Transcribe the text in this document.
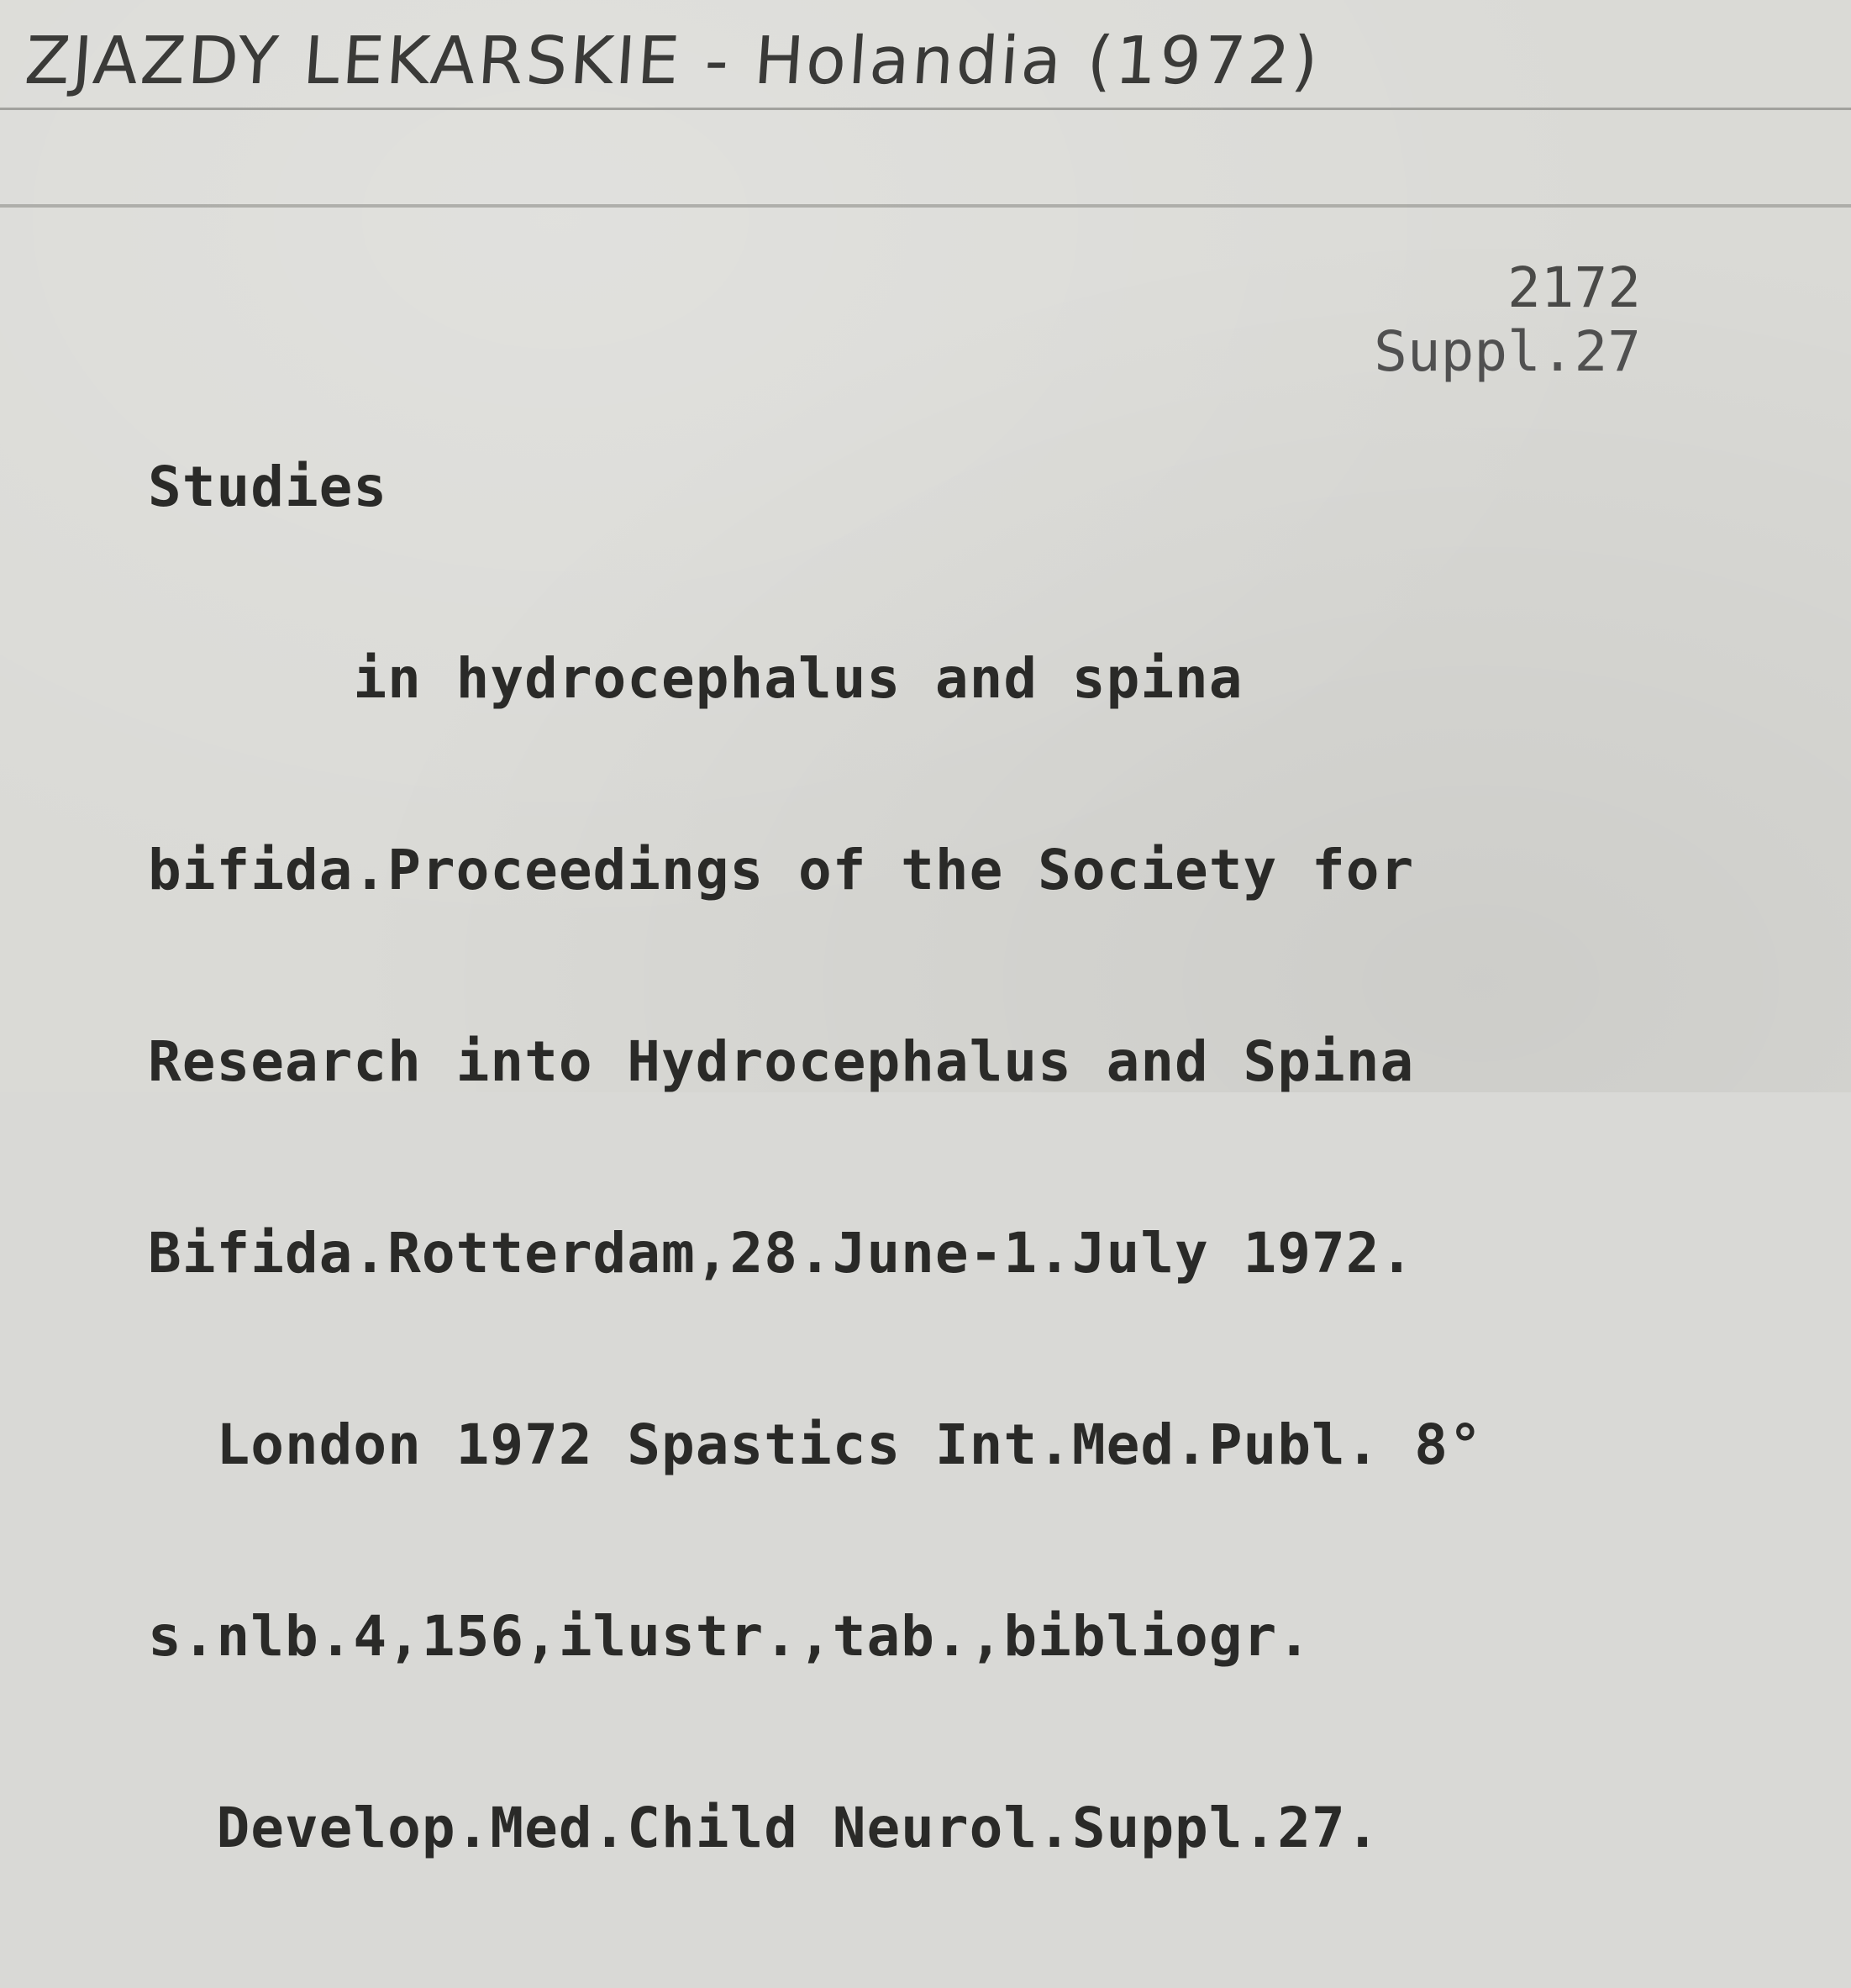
ZJAZDY LEKARSKIE - Holandia (1972)
2172
Suppl.27

Studies

in hydrocephalus and spina

bifida.Proceedings of the Society for

Research into Hydrocephalus and Spina

Bifida.Rotterdam,28.June-1.July 1972.

London 1972 Spastics Int.Med.Publ. 8°

s.nlb.4,156,ilustr.,tab.,bibliogr.

Develop.Med.Child Neurol.Suppl.27.
